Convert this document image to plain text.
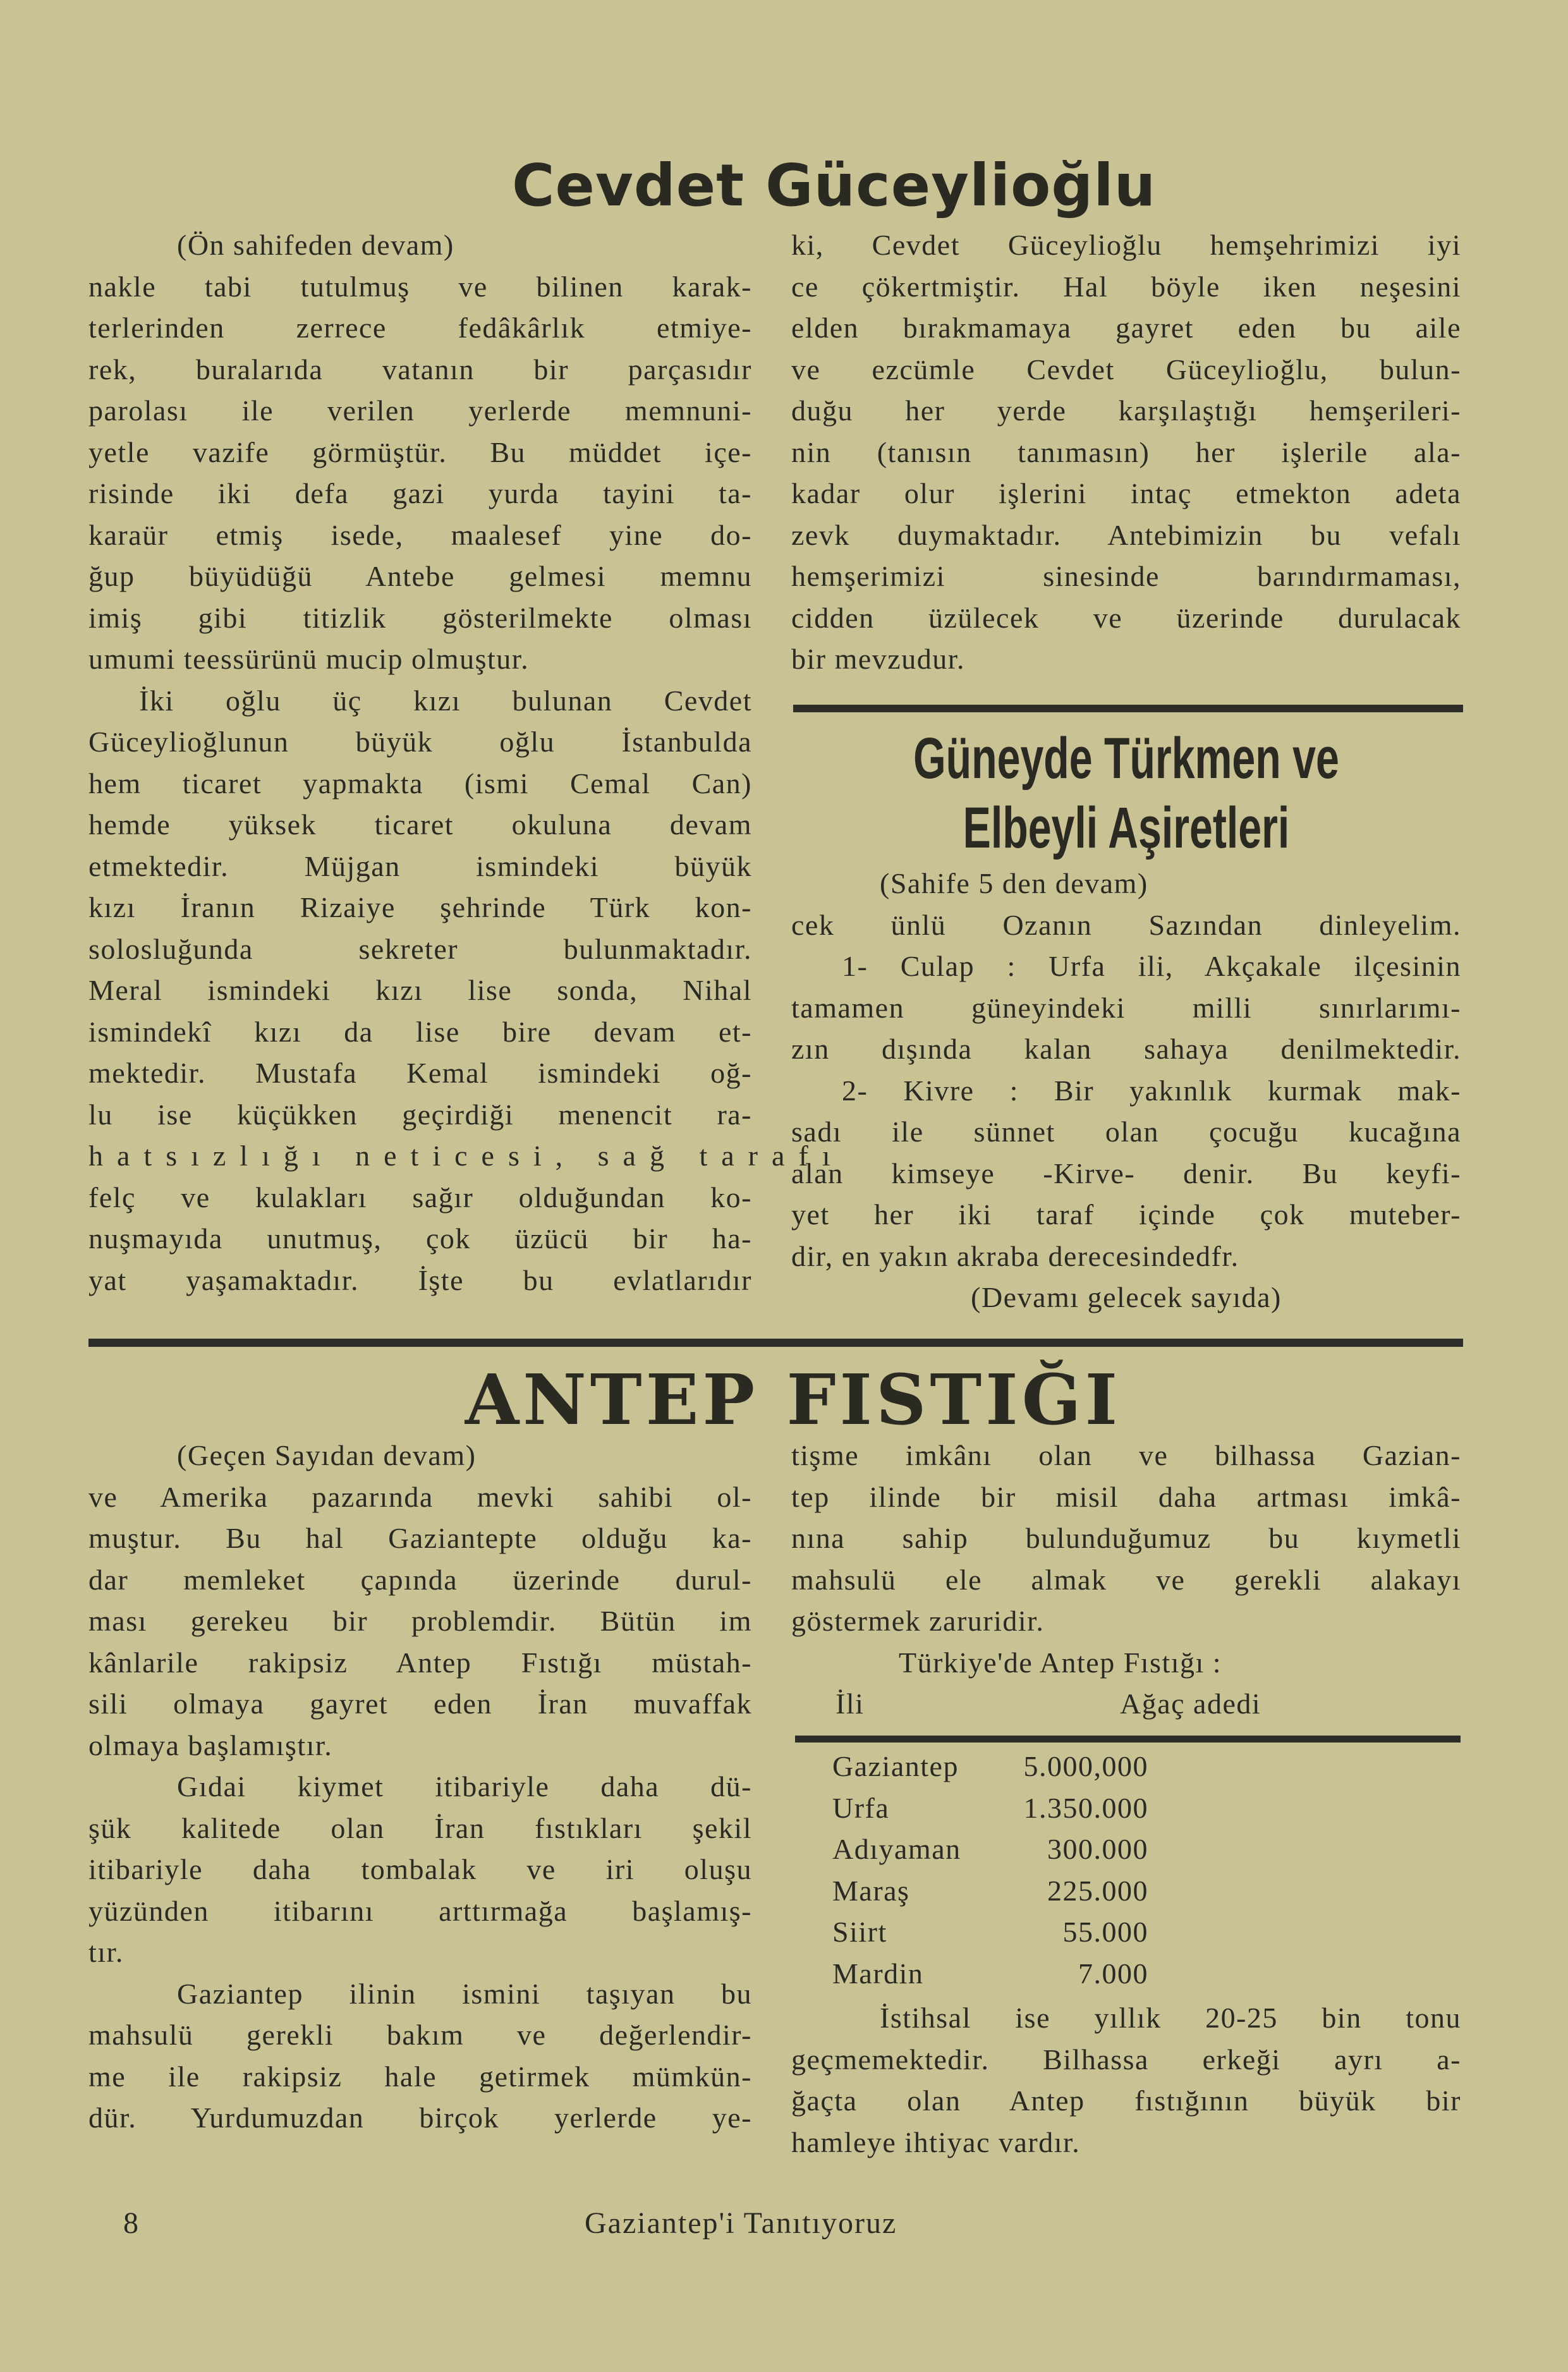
Cevdet Güceylioğlu
(Ön sahifeden devam)
nakle tabi tutulmuş ve bilinen karak-
terlerinden zerrece fedâkârlık etmiye-
rek, buralarıda vatanın bir parçasıdır
parolası ile verilen yerlerde memnuni-
yetle vazife görmüştür. Bu müddet içe-
risinde iki defa gazi yurda tayini ta-
karaür etmiş isede, maalesef yine do-
ğup büyüdüğü Antebe gelmesi memnu
imiş gibi titizlik gösterilmekte olması
umumi teessürünü mucip olmuştur.
İki oğlu üç kızı bulunan Cevdet
Güceylioğlunun büyük oğlu İstanbulda
hem ticaret yapmakta (ismi Cemal Can)
hemde yüksek ticaret okuluna devam
etmektedir. Müjgan ismindeki büyük
kızı İranın Rizaiye şehrinde Türk kon-
solosluğunda sekreter bulunmaktadır.
Meral ismindeki kızı lise sonda, Nihal
ismindekî kızı da lise bire devam et-
mektedir. Mustafa Kemal ismindeki oğ-
lu ise küçükken geçirdiği menencit ra-
hatsızlığı neticesi, sağ tarafı
felç ve kulakları sağır olduğundan ko-
nuşmayıda unutmuş, çok üzücü bir ha-
yat yaşamaktadır. İşte bu evlatlarıdır
ki, Cevdet Güceylioğlu hemşehrimizi iyi
ce çökertmiştir. Hal böyle iken neşesini
elden bırakmamaya gayret eden bu aile
ve ezcümle Cevdet Güceylioğlu, bulun-
duğu her yerde karşılaştığı hemşerileri-
nin (tanısın tanımasın) her işlerile ala-
kadar olur işlerini intaç etmekton adeta
zevk duymaktadır. Antebimizin bu vefalı
hemşerimizi sinesinde barındırmaması,
cidden üzülecek ve üzerinde durulacak
bir mevzudur.
Güneyde Türkmen ve
Elbeyli Aşiretleri
(Sahife 5 den devam)
cek ünlü Ozanın Sazından dinleyelim.
1- Culap : Urfa ili, Akçakale ilçesinin
tamamen güneyindeki milli sınırlarımı-
zın dışında kalan sahaya denilmektedir.
2- Kivre : Bir yakınlık kurmak mak-
sadı ile sünnet olan çocuğu kucağına
alan kimseye -Kirve- denir. Bu keyfi-
yet her iki taraf içinde çok muteber-
dir, en yakın akraba derecesindedfr.
(Devamı gelecek sayıda)
ANTEP FISTIĞI
(Geçen Sayıdan devam)
ve Amerika pazarında mevki sahibi ol-
muştur. Bu hal Gaziantepte olduğu ka-
dar memleket çapında üzerinde durul-
ması gerekeu bir problemdir. Bütün im
kânlarile rakipsiz Antep Fıstığı müstah-
sili olmaya gayret eden İran muvaffak
olmaya başlamıştır.
Gıdai kiymet itibariyle daha dü-
şük kalitede olan İran fıstıkları şekil
itibariyle daha tombalak ve iri oluşu
yüzünden itibarını arttırmağa başlamış-
tır.
Gaziantep ilinin ismini taşıyan bu
mahsulü gerekli bakım ve değerlendir-
me ile rakipsiz hale getirmek mümkün-
dür. Yurdumuzdan birçok yerlerde ye-
tişme imkânı olan ve bilhassa Gazian-
tep ilinde bir misil daha artması imkâ-
nına sahip bulunduğumuz bu kıymetli
mahsulü ele almak ve gerekli alakayı
göstermek zaruridir.
Türkiye'de Antep Fıstığı :
İli	Ağaç adedi
Gaziantep 5.000,000
Urfa	1.350.000
Adıyaman	300.000
Maraş	225.000
Siirt	55.000
Mardin	7.000
İstihsal ise yıllık 20-25 bin tonu
geçmemektedir. Bilhassa erkeği ayrı a-
ğaçta olan Antep fıstığının büyük bir
hamleye ihtiyac vardır.
8	Gaziantep'i Tanıtıyoruz
